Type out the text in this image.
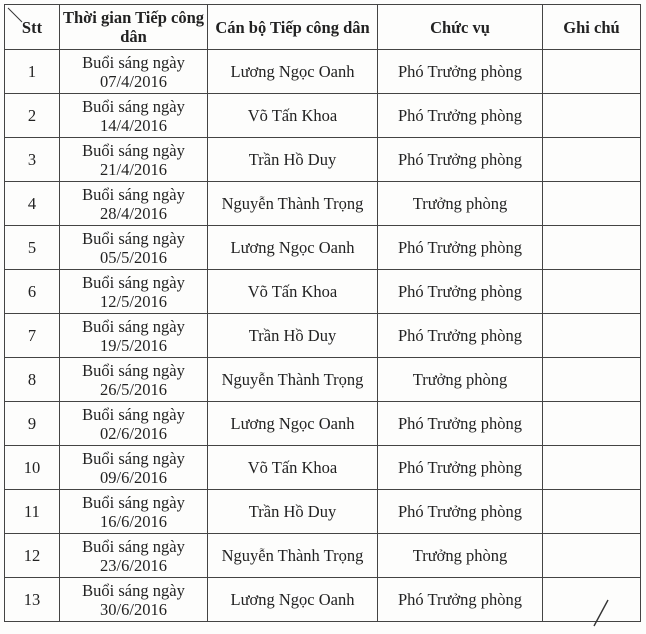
Stt	Thời gian Tiếp công dân	Cán bộ Tiếp công dân	Chức vụ	Ghi chú
1	Buổi sáng ngày 07/4/2016	Lương Ngọc Oanh	Phó Trưởng phòng	
2	Buổi sáng ngày 14/4/2016	Võ Tấn Khoa	Phó Trưởng phòng	
3	Buổi sáng ngày 21/4/2016	Trần Hồ Duy	Phó Trưởng phòng	
4	Buổi sáng ngày 28/4/2016	Nguyễn Thành Trọng	Trưởng phòng	
5	Buổi sáng ngày 05/5/2016	Lương Ngọc Oanh	Phó Trưởng phòng	
6	Buổi sáng ngày 12/5/2016	Võ Tấn Khoa	Phó Trưởng phòng	
7	Buổi sáng ngày 19/5/2016	Trần Hồ Duy	Phó Trưởng phòng	
8	Buổi sáng ngày 26/5/2016	Nguyễn Thành Trọng	Trưởng phòng	
9	Buổi sáng ngày 02/6/2016	Lương Ngọc Oanh	Phó Trưởng phòng	
10	Buổi sáng ngày 09/6/2016	Võ Tấn Khoa	Phó Trưởng phòng	
11	Buổi sáng ngày 16/6/2016	Trần Hồ Duy	Phó Trưởng phòng	
12	Buổi sáng ngày 23/6/2016	Nguyễn Thành Trọng	Trưởng phòng	
13	Buổi sáng ngày 30/6/2016	Lương Ngọc Oanh	Phó Trưởng phòng	
